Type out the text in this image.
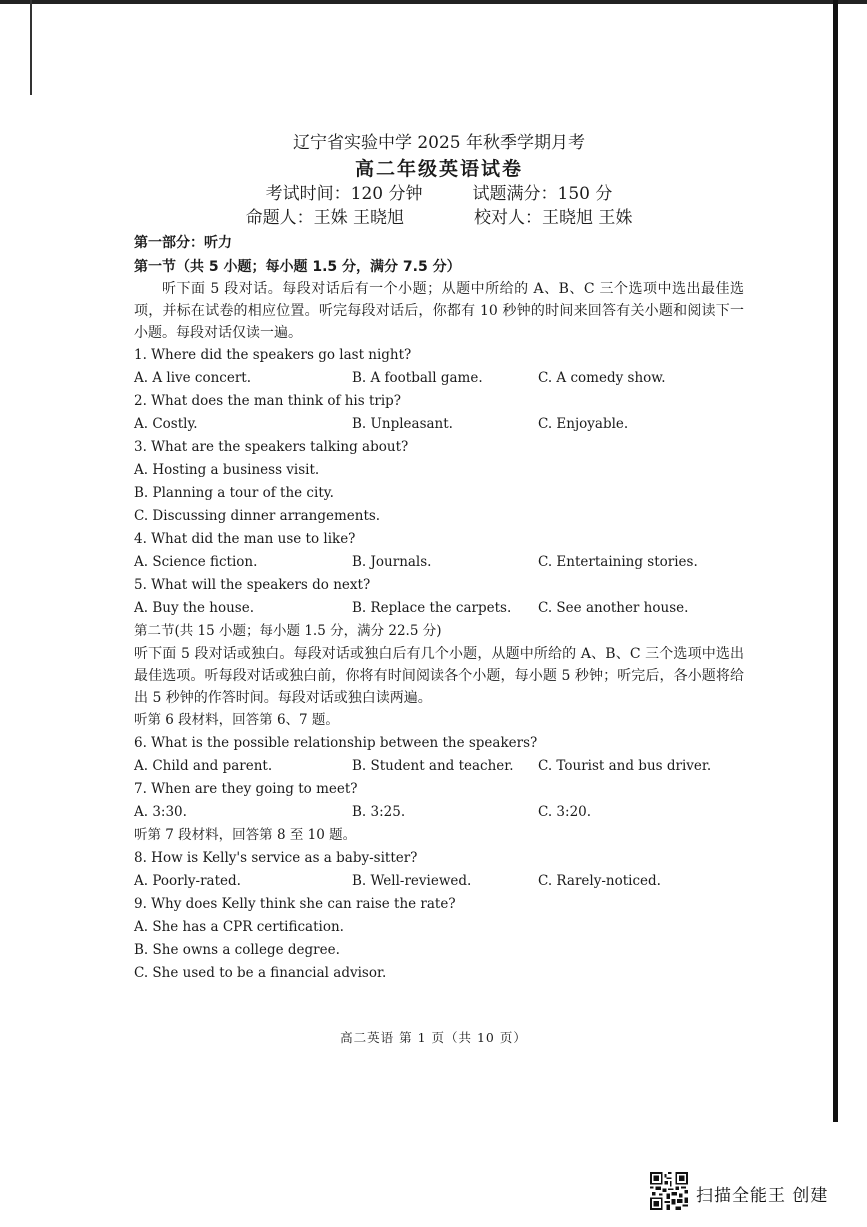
辽宁省实验中学 2025 年秋季学期月考
高二年级英语试卷
考试时间：120 分钟	试题满分：150 分
命题人：王姝 王晓旭	校对人：王晓旭 王姝
第一部分：听力
第一节（共 5 小题；每小题 1.5 分，满分 7.5 分）
听下面 5 段对话。每段对话后有一个小题；从题中所给的 A、B、C 三个选项中选出最佳选项，并标在试卷的相应位置。听完每段对话后，你都有 10 秒钟的时间来回答有关小题和阅读下一小题。每段对话仅读一遍。
1. Where did the speakers go last night?
A. A live concert.	B. A football game.	C. A comedy show.
2. What does the man think of his trip?
A. Costly.	B. Unpleasant.	C. Enjoyable.
3. What are the speakers talking about?
A. Hosting a business visit.
B. Planning a tour of the city.
C. Discussing dinner arrangements.
4. What did the man use to like?
A. Science fiction.	B. Journals.	C. Entertaining stories.
5. What will the speakers do next?
A. Buy the house.	B. Replace the carpets.	C. See another house.
第二节(共 15 小题；每小题 1.5 分，满分 22.5 分)
听下面 5 段对话或独白。每段对话或独白后有几个小题，从题中所给的 A、B、C 三个选项中选出最佳选项。听每段对话或独白前，你将有时间阅读各个小题，每小题 5 秒钟；听完后，各小题将给出 5 秒钟的作答时间。每段对话或独白读两遍。
听第 6 段材料，回答第 6、7 题。
6. What is the possible relationship between the speakers?
A. Child and parent.	B. Student and teacher.	C. Tourist and bus driver.
7. When are they going to meet?
A. 3:30.	B. 3:25.	C. 3:20.
听第 7 段材料，回答第 8 至 10 题。
8. How is Kelly's service as a baby-sitter?
A. Poorly-rated.	B. Well-reviewed.	C. Rarely-noticed.
9. Why does Kelly think she can raise the rate?
A. She has a CPR certification.
B. She owns a college degree.
C. She used to be a financial advisor.
高二英语 第 1 页（共 10 页）
扫描全能王 创建
